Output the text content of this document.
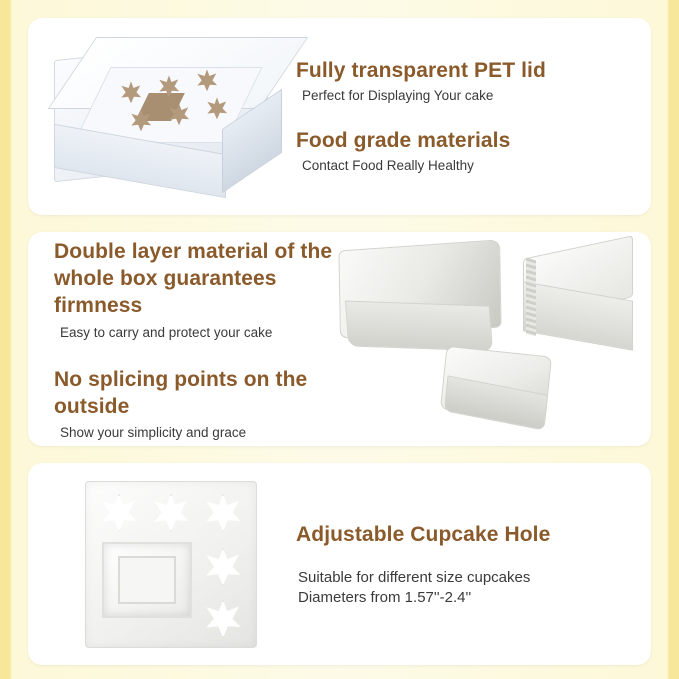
Fully transparent PET lid

Perfect for Displaying Your cake

Food grade materials

Contact Food Really Healthy

Double layer material of the whole box guarantees firmness

Easy to carry and protect your cake

No splicing points on the outside

Show your simplicity and grace

Adjustable Cupcake Hole

Suitable for different size cupcakes

Diameters from 1.57''-2.4''
